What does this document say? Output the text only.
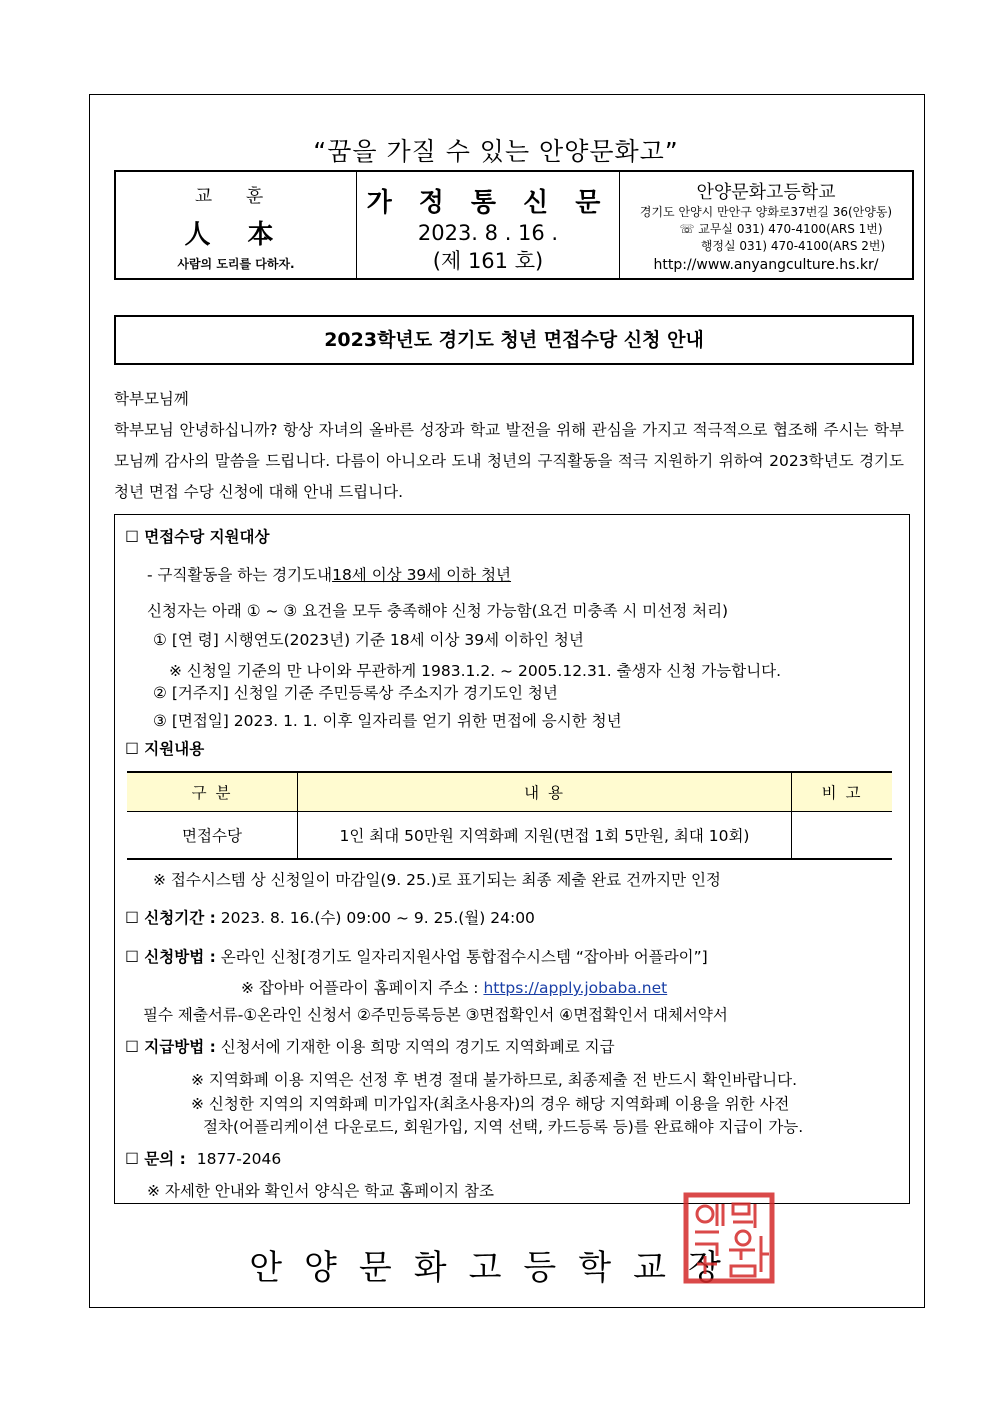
“꿈을 가질 수 있는 안양문화고”
교 훈
人 本
사람의 도리를 다하자.
가 정 통 신 문
2023. 8 . 16 .
(제 161 호)
안양문화고등학교
경기도 안양시 만안구 양화로37번길 36(안양동)
☏ 교무실 031) 470-4100(ARS 1번)
행정실 031) 470-4100(ARS 2번)
http://www.anyangculture.hs.kr/
2023학년도 경기도 청년 면접수당 신청 안내

학부모님께

학부모님 안녕하십니까? 항상 자녀의 올바른 성장과 학교 발전을 위해 관심을 가지고 적극적으로 협조해 주시는 학부모님께 감사의 말씀을 드립니다. 다름이 아니오라 도내 청년의 구직활동을 적극 지원하기 위하여 2023학년도 경기도 청년 면접 수당 신청에 대해 안내 드립니다.

☐ 면접수당 지원대상
- 구직활동을 하는 경기도내18세 이상 39세 이하 청년
신청자는 아래 ① ~ ③ 요건을 모두 충족해야 신청 가능함(요건 미충족 시 미선정 처리)
① [연 령] 시행연도(2023년) 기준 18세 이상 39세 이하인 청년
※ 신청일 기준의 만 나이와 무관하게 1983.1.2. ~ 2005.12.31. 출생자 신청 가능합니다.
② [거주지] 신청일 기준 주민등록상 주소지가 경기도인 청년
③ [면접일] 2023. 1. 1. 이후 일자리를 얻기 위한 면접에 응시한 청년
☐ 지원내용
구 분	내 용	비 고
면접수당	1인 최대 50만원 지역화폐 지원(면접 1회 5만원, 최대 10회)	
※ 접수시스템 상 신청일이 마감일(9. 25.)로 표기되는 최종 제출 완료 건까지만 인정
☐ 신청기간 : 2023. 8. 16.(수) 09:00 ~ 9. 25.(월) 24:00
☐ 신청방법 : 온라인 신청[경기도 일자리지원사업 통합접수시스템 “잡아바 어플라이”]
※ 잡아바 어플라이 홈페이지 주소 : https://apply.jobaba.net
필수 제출서류-①온라인 신청서 ②주민등록등본 ③면접확인서 ④면접확인서 대체서약서
☐ 지급방법 : 신청서에 기재한 이용 희망 지역의 경기도 지역화폐로 지급
※ 지역화폐 이용 지역은 선정 후 변경 절대 불가하므로, 최종제출 전 반드시 확인바랍니다.
※ 신청한 지역의 지역화폐 미가입자(최초사용자)의 경우 해당 지역화폐 이용을 위한 사전
절차(어플리케이션 다운로드, 회원가입, 지역 선택, 카드등록 등)를 완료해야 지급이 가능.
☐ 문의 : 1877-2046
※ 자세한 안내와 확인서 양식은 학교 홈페이지 참조
안양문화고등학교장
